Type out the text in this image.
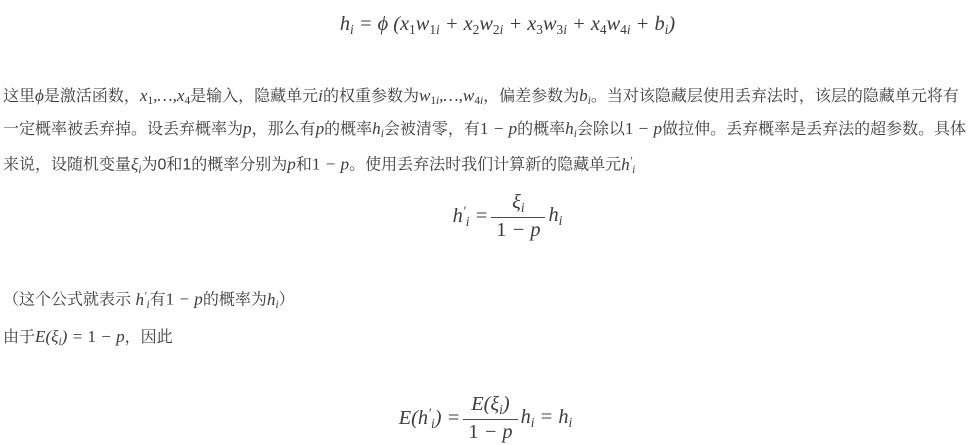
$h_i = \phi$ $(x_1w_{1i} + x_2w_{2i} + x_3w_{3i} + x_4w_{4i} + b_i)$
这里ϕ是激活函数，$x_1,\dots,x_4$是输入，隐藏单元i的权重参数为$w_{1i},\dots,w_{4i}$，偏差参数为$b_i$。当对该隐藏层使用丢弃法时，该层的隐藏单元将有一定概率被丢弃掉。设丢弃概率为p，那么有p的概率$h_i$会被清零，有1 − p的概率$h_i$会除以1 − p做拉伸。丢弃概率是丢弃法的超参数。具体来说，设随机变量$\xi_i$为0和1的概率分别为p和1 − p。使用丢弃法时我们计算新的隐藏单元$h'_i$
$h'_i = \frac{\xi_i}{1 - p} h_i$
（这个公式就表示 $h'_i$有1 − p的概率为$h_i$）
由于$E(\xi_i) = 1 - p$，因此
$E(h'_i) = \frac{E(\xi_i)}{1 - p} h_i = h_i$
